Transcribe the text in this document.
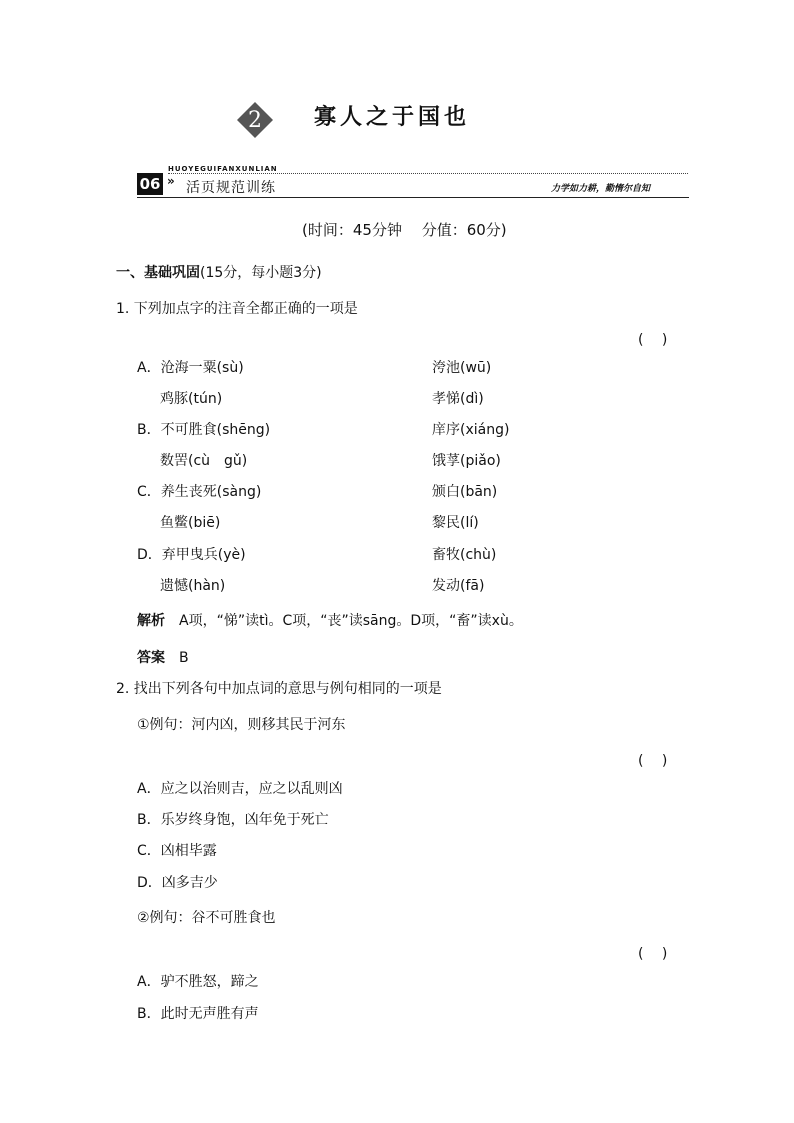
2 寡人之于国也
HUOYEGUIFANXUNLIAN
06 » 活页规范训练	力学如力耕，勤惰尔自知
(时间：45分钟　 分值：60分)
一、基础巩固(15分，每小题3分)
1. 下列加点字的注音全都正确的一项是
(　 )
A．沧海一粟(sù)	洿池(wū)
鸡豚(tún)	孝悌(dì)
B．不可胜食(shēng)	庠序(xiáng)
数罟(cù　gǔ)	饿莩(piǎo)
C．养生丧死(sàng)	颁白(bān)
鱼鳖(biē)	黎民(lí)
D．弃甲曳兵(yè)	畜牧(chù)
遗憾(hàn)	发动(fā)
解析 A项，“悌”读tì。C项，“丧”读sāng。D项，“畜”读xù。
答案 B
2. 找出下列各句中加点词的意思与例句相同的一项是
①例句：河内凶，则移其民于河东
(　 )
A．应之以治则吉，应之以乱则凶
B．乐岁终身饱，凶年免于死亡
C．凶相毕露
D．凶多吉少
②例句：谷不可胜食也
(　 )
A．驴不胜怒，蹄之
B．此时无声胜有声
